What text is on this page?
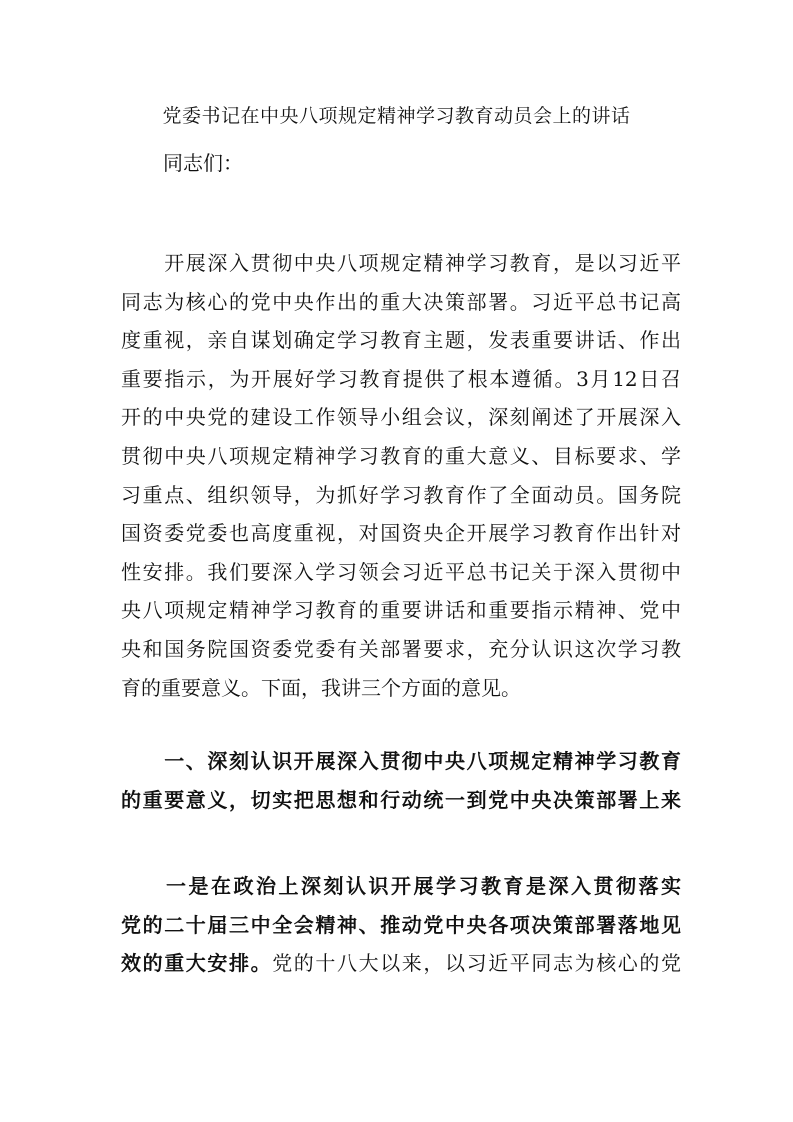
党委书记在中央八项规定精神学习教育动员会上的讲话
同志们：
　　开展深入贯彻中央八项规定精神学习教育，是以习近平
同志为核心的党中央作出的重大决策部署。习近平总书记高
度重视，亲自谋划确定学习教育主题，发表重要讲话、作出
重要指示，为开展好学习教育提供了根本遵循。3月12日召
开的中央党的建设工作领导小组会议，深刻阐述了开展深入
贯彻中央八项规定精神学习教育的重大意义、目标要求、学
习重点、组织领导，为抓好学习教育作了全面动员。国务院
国资委党委也高度重视，对国资央企开展学习教育作出针对
性安排。我们要深入学习领会习近平总书记关于深入贯彻中
央八项规定精神学习教育的重要讲话和重要指示精神、党中
央和国务院国资委党委有关部署要求，充分认识这次学习教
育的重要意义。下面，我讲三个方面的意见。
　　一、深刻认识开展深入贯彻中央八项规定精神学习教育
的重要意义，切实把思想和行动统一到党中央决策部署上来
　　一是在政治上深刻认识开展学习教育是深入贯彻落实
党的二十届三中全会精神、推动党中央各项决策部署落地见
效的重大安排。党的十八大以来，以习近平同志为核心的党
